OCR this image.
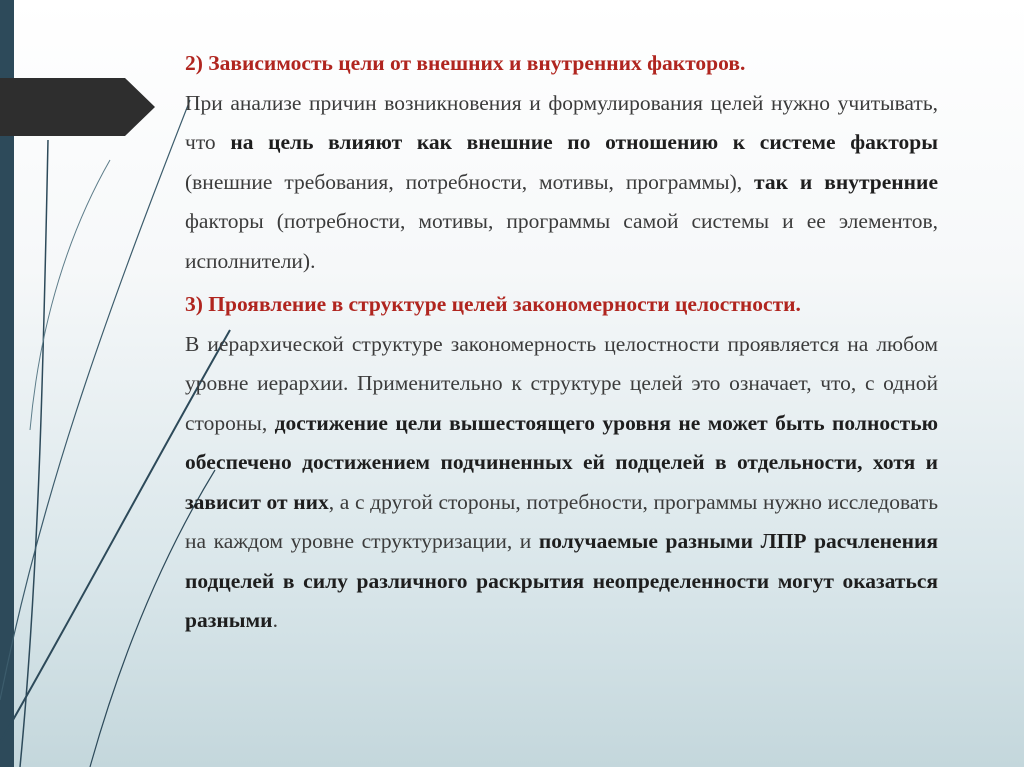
2) Зависимость цели от внешних и внутренних факторов.

При анализе причин возникновения и формулирования целей нужно учитывать, что на цель влияют как внешние по отношению к системе факторы (внешние требования, потребности, мотивы, программы), так и внутренние факторы (потребности, мотивы, программы самой системы и ее элементов, исполнители).

3) Проявление в структуре целей закономерности целостности.

В иерархической структуре закономерность целостности проявляется на любом уровне иерархии. Применительно к структуре целей это означает, что, с одной стороны, достижение цели вышестоящего уровня не может быть полностью обеспечено достижением подчиненных ей подцелей в отдельности, хотя и зависит от них, а с другой стороны, потребности, программы нужно исследовать на каждом уровне структуризации, и получаемые разными ЛПР расчленения подцелей в силу различного раскрытия неопределенности могут оказаться разными.
